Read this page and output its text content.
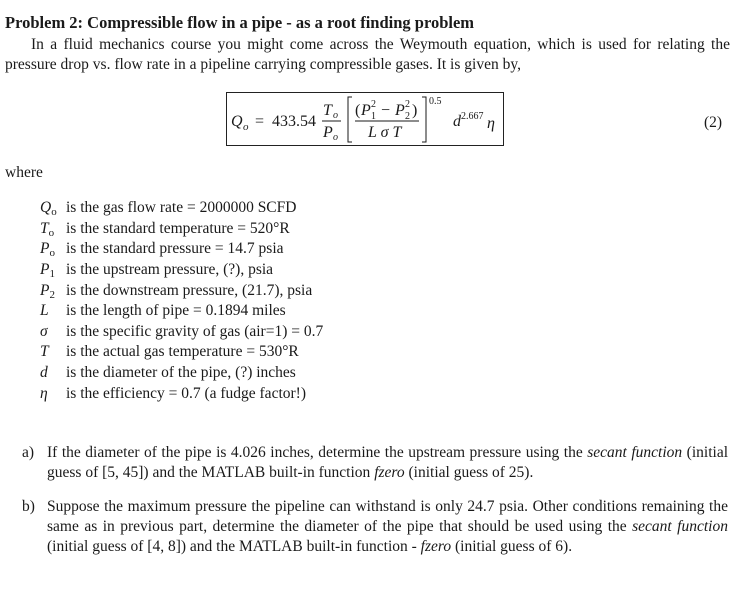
Problem 2: Compressible flow in a pipe - as a root finding problem
In a fluid mechanics course you might come across the Weymouth equation, which is used for relating the pressure drop vs. flow rate in a pipeline carrying compressible gases. It is given by,
Q o = 433.54
T o
P o
( P 2
1 − P 2
2 )
L σ T
0.5
d 2.667 η	(2)
where
$Q_o$ is the gas flow rate = 2000000 SCFD
$T_o$ is the standard temperature = 520°R
$P_o$ is the standard pressure = 14.7 psia
$P_1$ is the upstream pressure, (?), psia
$P_2$ is the downstream pressure, (21.7), psia
L	is the length of pipe = 0.1894 miles
σ	is the specific gravity of gas (air=1) = 0.7
T	is the actual gas temperature = 530°R
d	is the diameter of the pipe, (?) inches
η	is the efficiency = 0.7 (a fudge factor!)
a) If the diameter of the pipe is 4.026 inches, determine the upstream pressure using the secant function (initial guess of [5, 45]) and the MATLAB built-in function fzero (initial guess of 25).
b) Suppose the maximum pressure the pipeline can withstand is only 24.7 psia. Other conditions remaining the same as in previous part, determine the diameter of the pipe that should be used using the secant function (initial guess of [4, 8]) and the MATLAB built-in function - fzero (initial guess of 6).
